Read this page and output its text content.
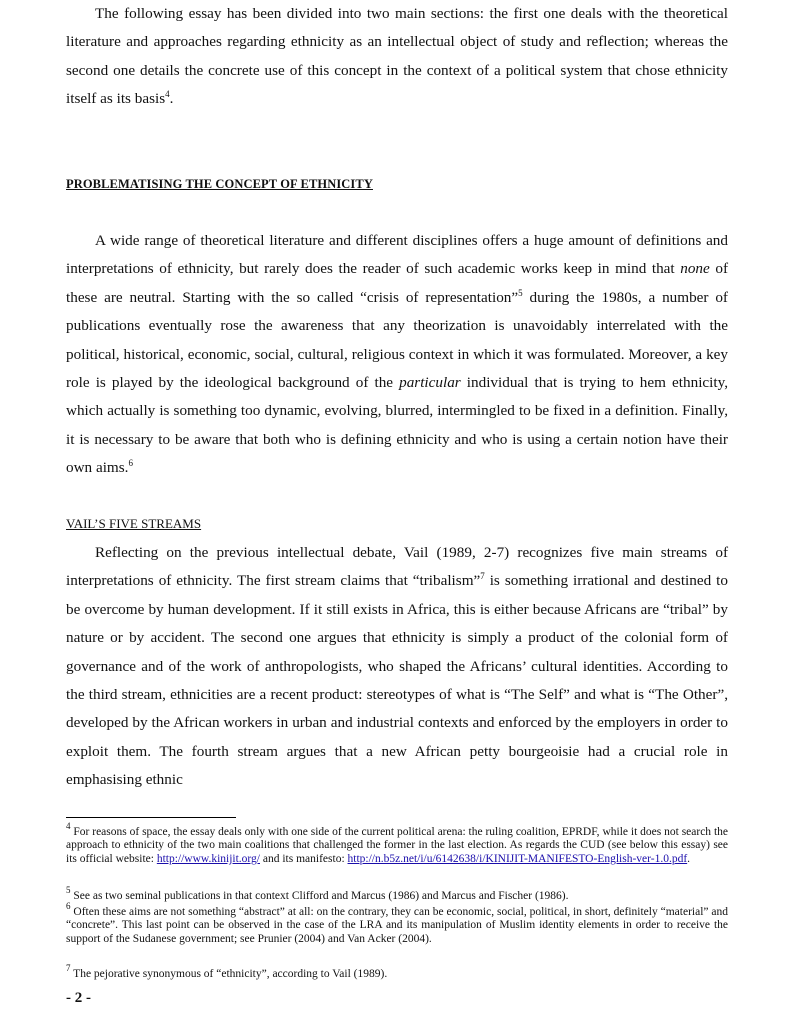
The following essay has been divided into two main sections: the first one deals with the theoretical literature and approaches regarding ethnicity as an intellectual object of study and reflection; whereas the second one details the concrete use of this concept in the context of a political system that chose ethnicity itself as its basis$^4$.

PROBLEMATISING THE CONCEPT OF ETHNICITY

A wide range of theoretical literature and different disciplines offers a huge amount of definitions and interpretations of ethnicity, but rarely does the reader of such academic works keep in mind that none of these are neutral. Starting with the so called “crisis of representation”$^5$ during the 1980s, a number of publications eventually rose the awareness that any theorization is unavoidably interrelated with the political, historical, economic, social, cultural, religious context in which it was formulated. Moreover, a key role is played by the ideological background of the particular individual that is trying to hem ethnicity, which actually is something too dynamic, evolving, blurred, intermingled to be fixed in a definition. Finally, it is necessary to be aware that both who is defining ethnicity and who is using a certain notion have their own aims.$^6$

VAIL’S FIVE STREAMS

Reflecting on the previous intellectual debate, Vail (1989, 2-7) recognizes five main streams of interpretations of ethnicity. The first stream claims that “tribalism”$^7$ is something irrational and destined to be overcome by human development. If it still exists in Africa, this is either because Africans are “tribal” by nature or by accident. The second one argues that ethnicity is simply a product of the colonial form of governance and of the work of anthropologists, who shaped the Africans’ cultural identities. According to the third stream, ethnicities are a recent product: stereotypes of what is “The Self” and what is “The Other”, developed by the African workers in urban and industrial contexts and enforced by the employers in order to exploit them. The fourth stream argues that a new African petty bourgeoisie had a crucial role in emphasising ethnic

$^4$ For reasons of space, the essay deals only with one side of the current political arena: the ruling coalition, EPRDF, while it does not search the approach to ethnicity of the two main coalitions that challenged the former in the last election. As regards the CUD (see below this essay) see its official website: http://www.kinijit.org/ and its manifesto: http://n.b5z.net/i/u/6142638/i/KINIJIT-MANIFESTO-English-ver-1.0.pdf.

$^5$ See as two seminal publications in that context Clifford and Marcus (1986) and Marcus and Fischer (1986).

$^6$ Often these aims are not something “abstract” at all: on the contrary, they can be economic, social, political, in short, definitely “material” and “concrete”. This last point can be observed in the case of the LRA and its manipulation of Muslim identity elements in order to receive the support of the Sudanese government; see Prunier (2004) and Van Acker (2004).

$^7$ The pejorative synonymous of “ethnicity”, according to Vail (1989).

- 2 -
